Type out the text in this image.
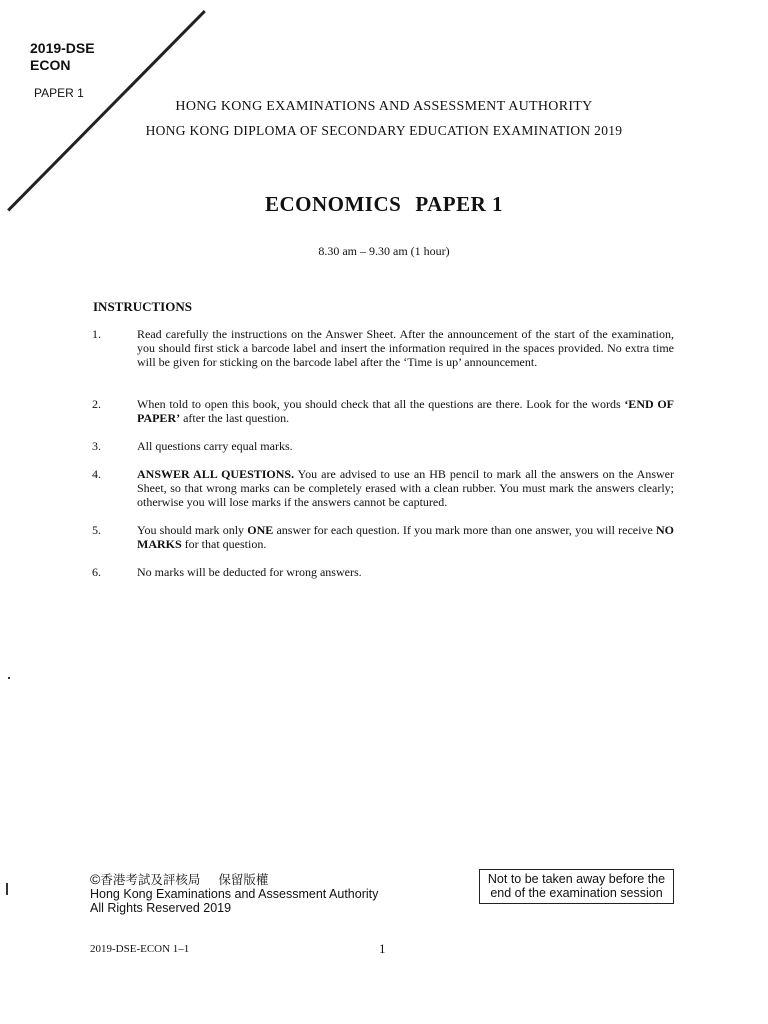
2019-DSE
ECON
PAPER 1
HONG KONG EXAMINATIONS AND ASSESSMENT AUTHORITY
HONG KONG DIPLOMA OF SECONDARY EDUCATION EXAMINATION 2019
ECONOMICS PAPER 1
8.30 am – 9.30 am (1 hour)
INSTRUCTIONS
1.	Read carefully the instructions on the Answer Sheet. After the announcement of the start of the examination, you should first stick a barcode label and insert the information required in the spaces provided. No extra time will be given for sticking on the barcode label after the ‘Time is up’ announcement.
2.	When told to open this book, you should check that all the questions are there. Look for the words ‘END OF PAPER’ after the last question.
3.	All questions carry equal marks.
4.	ANSWER ALL QUESTIONS. You are advised to use an HB pencil to mark all the answers on the Answer Sheet, so that wrong marks can be completely erased with a clean rubber. You must mark the answers clearly; otherwise you will lose marks if the answers cannot be captured.
5.	You should mark only ONE answer for each question. If you mark more than one answer, you will receive NO MARKS for that question.
6.	No marks will be deducted for wrong answers.
©香港考試及評核局 保留版權
Hong Kong Examinations and Assessment Authority
All Rights Reserved 2019
Not to be taken away before the
end of the examination session
2019-DSE-ECON 1–1	1
